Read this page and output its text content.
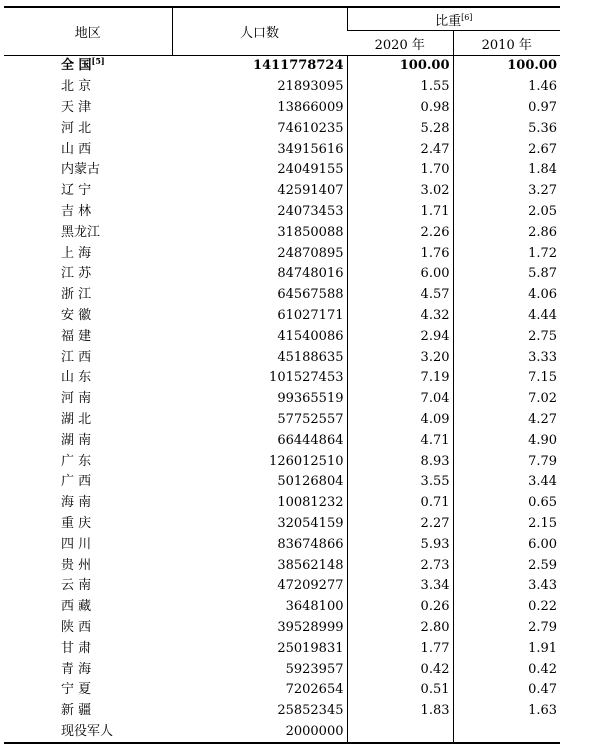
地区	人口数	比重[6]
		2020 年	2010 年
全 国[5]	1411778724	100.00	100.00
北 京	21893095	1.55	1.46
天 津	13866009	0.98	0.97
河 北	74610235	5.28	5.36
山 西	34915616	2.47	2.67
内蒙古	24049155	1.70	1.84
辽 宁	42591407	3.02	3.27
吉 林	24073453	1.71	2.05
黑龙江	31850088	2.26	2.86
上 海	24870895	1.76	1.72
江 苏	84748016	6.00	5.87
浙 江	64567588	4.57	4.06
安 徽	61027171	4.32	4.44
福 建	41540086	2.94	2.75
江 西	45188635	3.20	3.33
山 东	101527453	7.19	7.15
河 南	99365519	7.04	7.02
湖 北	57752557	4.09	4.27
湖 南	66444864	4.71	4.90
广 东	126012510	8.93	7.79
广 西	50126804	3.55	3.44
海 南	10081232	0.71	0.65
重 庆	32054159	2.27	2.15
四 川	83674866	5.93	6.00
贵 州	38562148	2.73	2.59
云 南	47209277	3.34	3.43
西 藏	3648100	0.26	0.22
陕 西	39528999	2.80	2.79
甘 肃	25019831	1.77	1.91
青 海	5923957	0.42	0.42
宁 夏	7202654	0.51	0.47
新 疆	25852345	1.83	1.63
现役军人	2000000		
